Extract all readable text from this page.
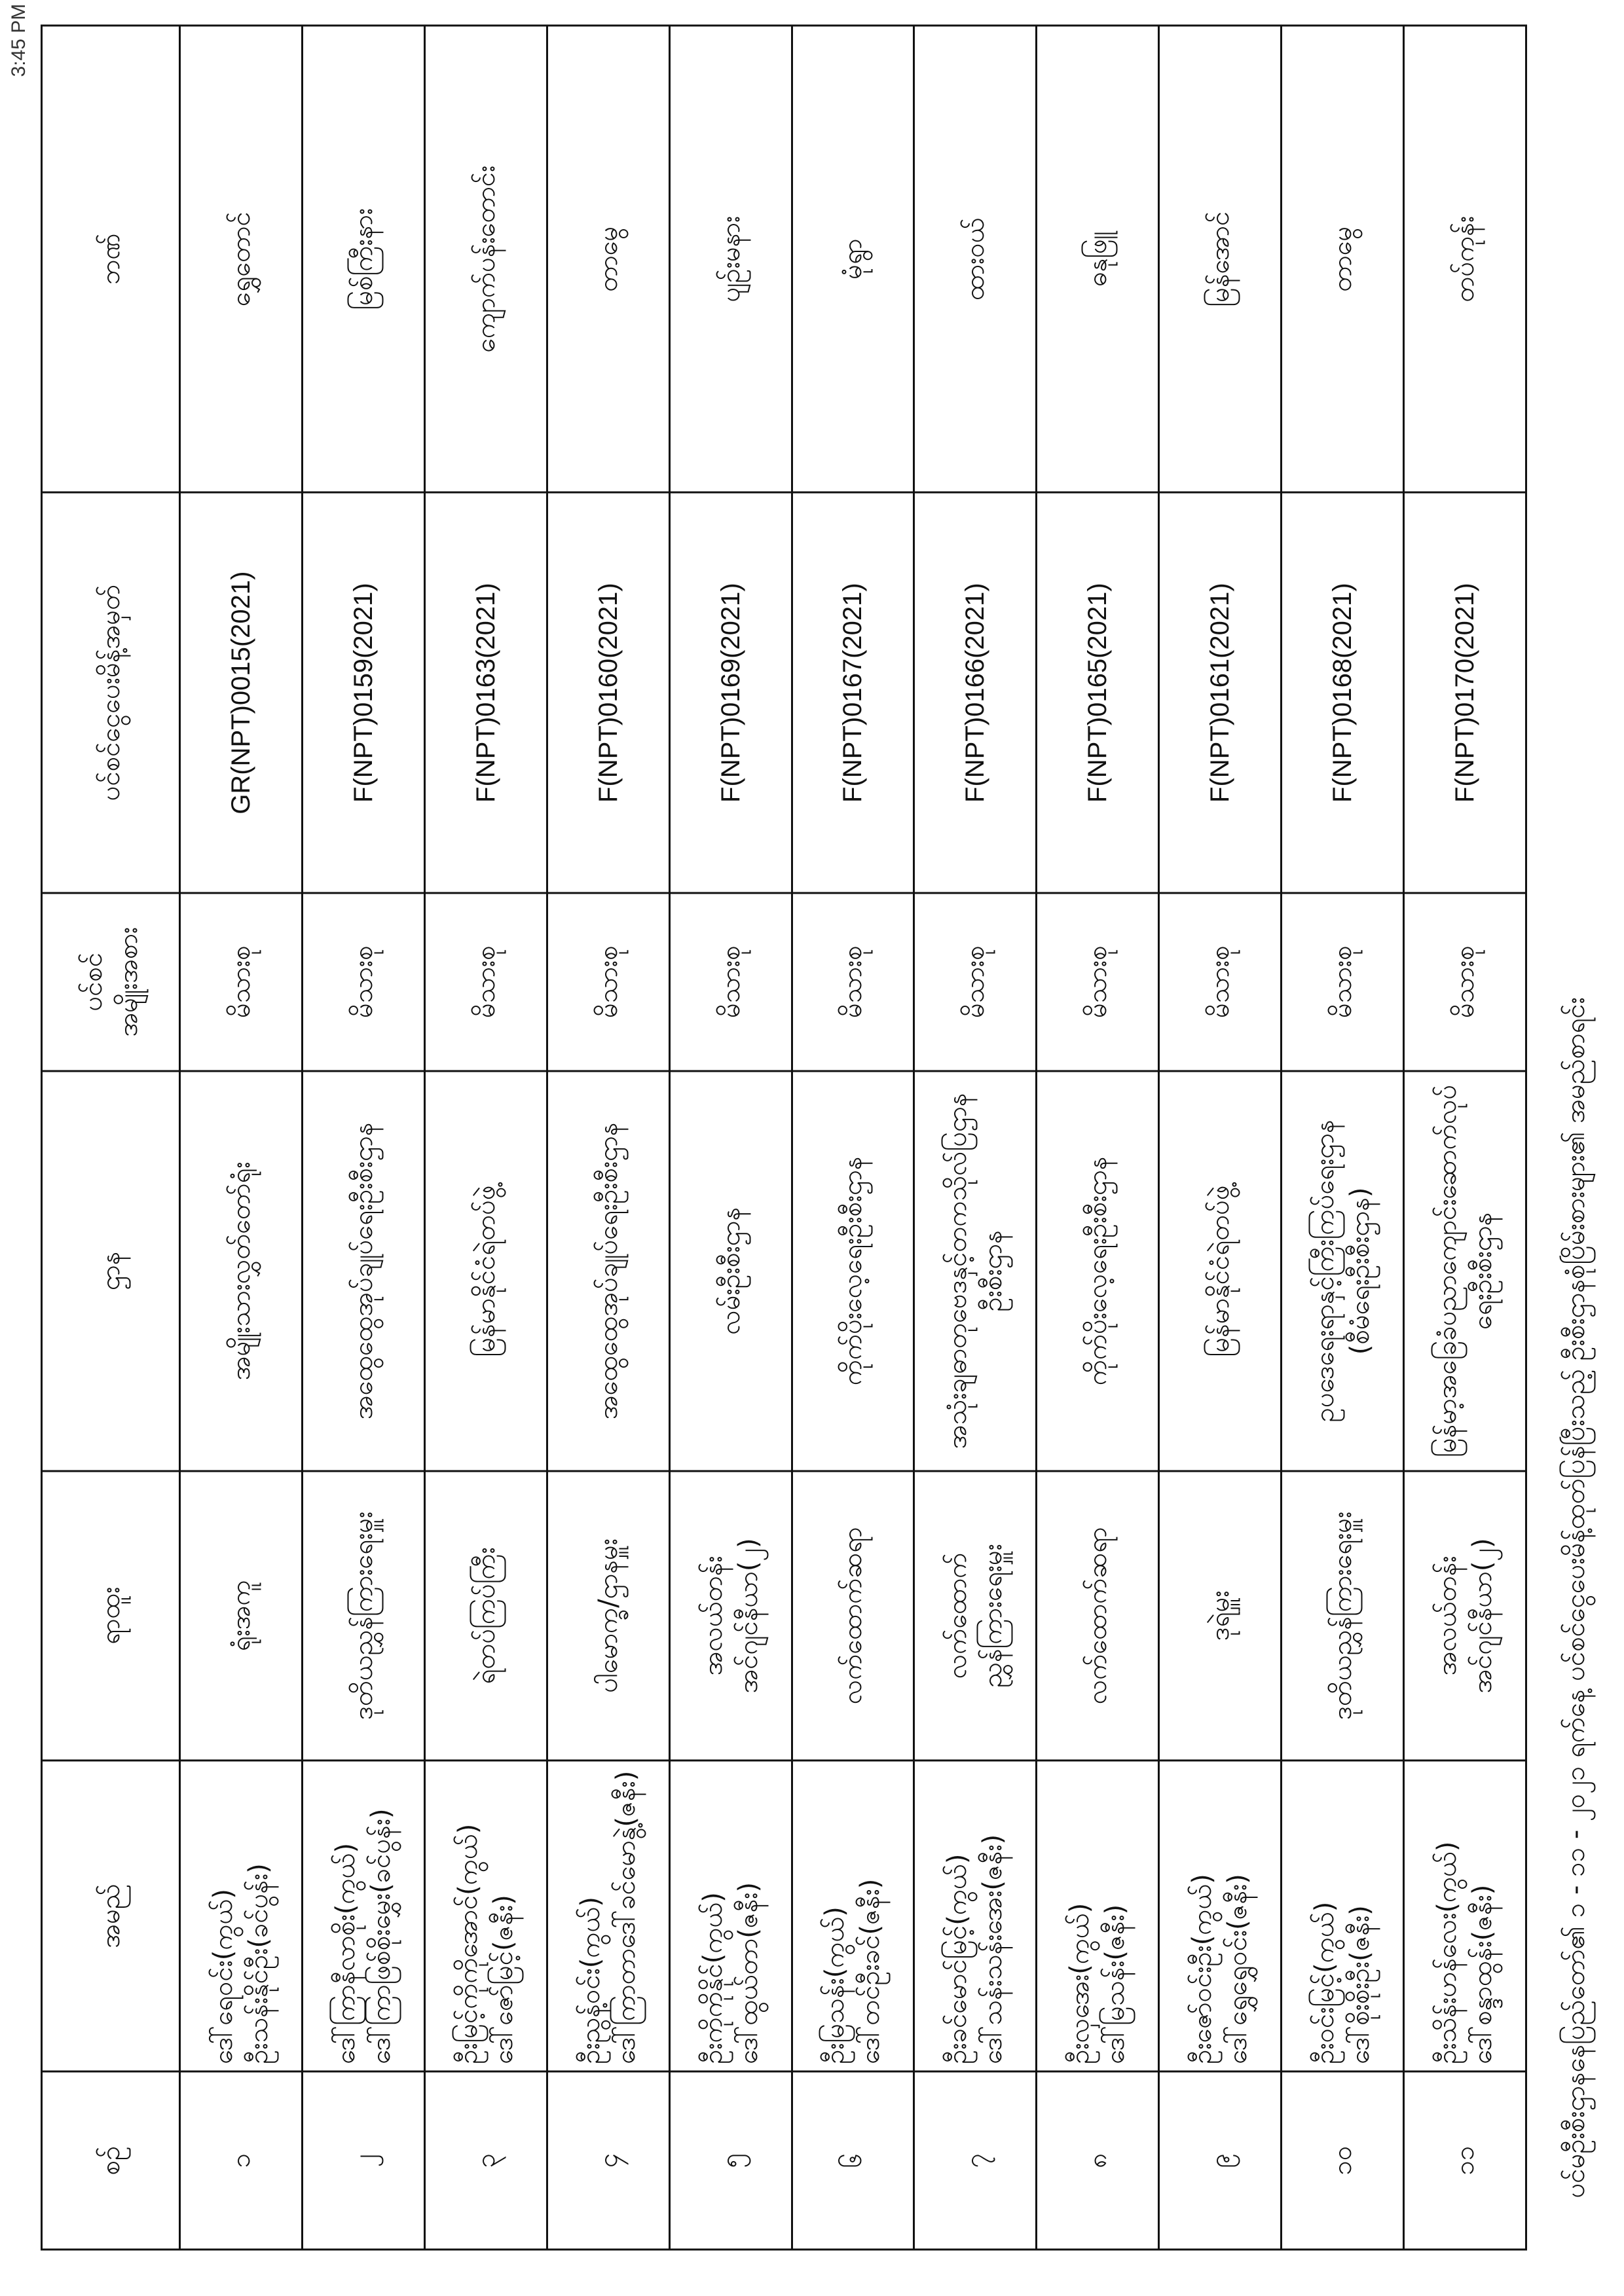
3:45 PM
စဉ်	အမည်	ရာထူး	ဌာန	ပင်စင် အမျိုးအစား	ပင်စင်ငွေပေးမိန့်အမှတ်	ဘဏ်

၁	ဒေါ်ရေဝင်း(ကွယ်) ဦးသန်းနိုင်ဦး(ခင်ပွန်း)	ရုံးအကူ	အမျိုးသားလွှတ်တော်ရုံး	မိသားစု	GR(NPT)0015(2021)	ရွှေတောင်

၂	ဒေါ်ကြာနီလာစိုး(ကွယ်) ဒေါ်ကြာဖြစ်စိုးမွှေး(ခင်ပွန်း)	ဒုတိယညွှန်ကြားရေးမှူး	အထွေထွေအုပ်ချုပ်ရေးဦးစီးဌာန	မိသားစု	F(NPT)0159(2021)	မြစ်ကြီးနား

၃	ဦးမြင့်ကိုကိုအောင်(ကွယ်) ဒေါ်ဇော်မြင့်(ဇနီး)	ရဲတပ်ကြပ်ကြီး	မြန်မာနိုင်ငံရဲတပ်ဖွဲ့	မိသားစု	F(NPT)0163(2021)	ကျောက်ပန်းတောင်း

၄	ဦးညွန့်ဝင်း(ကွယ်) ဒေါ်ကြာတာဒေါ်ခင်မောနွဲ့(ဇနီး)	ပါမောက္ခ/ဌာနမှူး	အထွေထွေအုပ်ချုပ်ရေးဦးစီးဌာန	မိသားစု	F(NPT)0160(2021)	တာမွေ

၅	ဦးကိုကိုနိုင်(ကွယ်) ဒေါ်ထွယ်တာ(ဇနီး)	အလယ်တန်း အင်ဂျင်နီယာ(၂)	လမ်းဦးစီးဌာန	မိသားစု	F(NPT)0169(2021)	ပျဉ်းမနား

၆	ဦးမြသန်း(ကွယ်) ဒေါ်တင်ဦးခင်(ဇနီး)	လက်ထောက်ဆရာ	ကိုက်ပိုးလေ့ရေးဦးစီးဌာန	မိသားစု	F(NPT)0167(2021)	မုံရွာ

၇	ဦးခင်မောင်မြင့်(ကွယ်) ဒေါ်သန်းသန်းအေး(ဇနီး)	လက်ထောက် ညွှန်ကြားရေးမှူး	အသုံးချဓာတုဗေဒနှင့်တကသိုလ်ပြဌာန ဦးစီးဌာန	မိသားစု	F(NPT)0166(2021)	ထားဝယ်

၈	ဦးလှအေး(ကွယ်) ဒေါ်မြသန်း(ဇနီး)	လက်ထောက်ဆရာ	ကိုက်ပိုးလေ့ရေးဦးစီးဌာန	မိသားစု	F(NPT)0165(2021)	ဓနုဖြူ

၉	ဦးဇော်ဝင်းဦး(ကွယ်) ဒေါ်ရွှေရွှေဝင်း(ဇနီး)	ဒုရဲမှူး	မြန်မာနိုင်ငံရဲတပ်ဖွဲ့	မိသားစု	F(NPT)0161(2021)	မြန်အောင်

၁၀	ဦးဝင်းမြင့်(ကွယ်) ဒေါ်စိုးစိုးဦး(ဇနီး)	ဒုတိယညွှန်ကြားရေးမှူး	ဥပဒေရေးရာနှင့်ကြီးကြပ်ရေးဌာန (စီမံရေးဦးစီးဌာန)	မိသားစု	F(NPT)0168(2021)	တာမွေ

၁၁	ဦးသိန်းဟန်လေး(ကွယ်) ဒေါ်စန္ဒာထွန်း(ဇနီး)	အလယ်တန်း အင်ဂျင်နီယာ(၂)	မြန်မာ့အခြေခံပညာကျောင်းဆောက်လုပ်ရေးဦးစီးဌာန	မိသားစု	F(NPT)0170(2021)	တပ်ကုန်း
ပင်မဦးစီးဌာနနေပြည်တော်၏ ၁ - ၁၁ - ၂၀၂၁ ရက်နေ့ ပင်စင်ငွေပေးမိန့်ထုတ်ပြန်ပြီးသည့် ဦးစီးဌာနစုံပြိမ်းစားများ၏ အမည်စာရင်း
